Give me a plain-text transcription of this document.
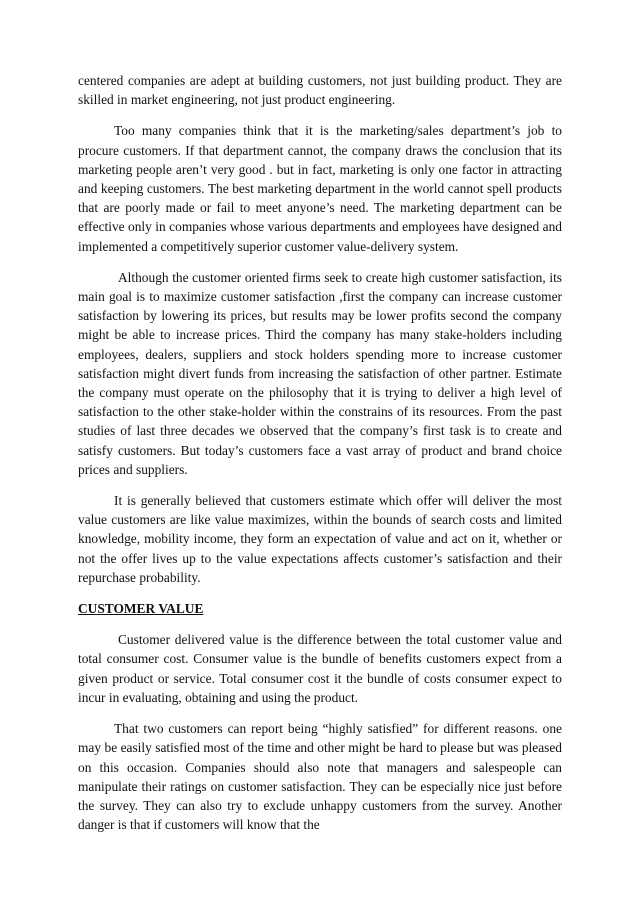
centered companies are adept at building customers, not just building product. They are skilled in market engineering, not just product engineering.

Too many companies think that it is the marketing/sales department’s job to procure customers. If that department cannot, the company draws the conclusion that its marketing people aren’t very good . but in fact, marketing is only one factor in attracting and keeping customers. The best marketing department in the world cannot spell products that are poorly made or fail to meet anyone’s need. The marketing department can be effective only in companies whose various departments and employees have designed and implemented a competitively superior customer value-delivery system.

Although the customer oriented firms seek to create high customer satisfaction, its main goal is to maximize customer satisfaction ,first the company can increase customer satisfaction by lowering its prices, but results may be lower profits second the company might be able to increase prices. Third the company has many stake-holders including employees, dealers, suppliers and stock holders spending more to increase customer satisfaction might divert funds from increasing the satisfaction of other partner. Estimate the company must operate on the philosophy that it is trying to deliver a high level of satisfaction to the other stake-holder within the constrains of its resources. From the past studies of last three decades we observed that the company’s first task is to create and satisfy customers. But today’s customers face a vast array of product and brand choice prices and suppliers.

It is generally believed that customers estimate which offer will deliver the most value customers are like value maximizes, within the bounds of search costs and limited knowledge, mobility income, they form an expectation of value and act on it, whether or not the offer lives up to the value expectations affects customer’s satisfaction and their repurchase probability.

CUSTOMER VALUE

Customer delivered value is the difference between the total customer value and total consumer cost. Consumer value is the bundle of benefits customers expect from a given product or service. Total consumer cost it the bundle of costs consumer expect to incur in evaluating, obtaining and using the product.

That two customers can report being “highly satisfied” for different reasons. one may be easily satisfied most of the time and other might be hard to please but was pleased on this occasion. Companies should also note that managers and salespeople can manipulate their ratings on customer satisfaction. They can be especially nice just before the survey. They can also try to exclude unhappy customers from the survey. Another danger is that if customers will know that the
